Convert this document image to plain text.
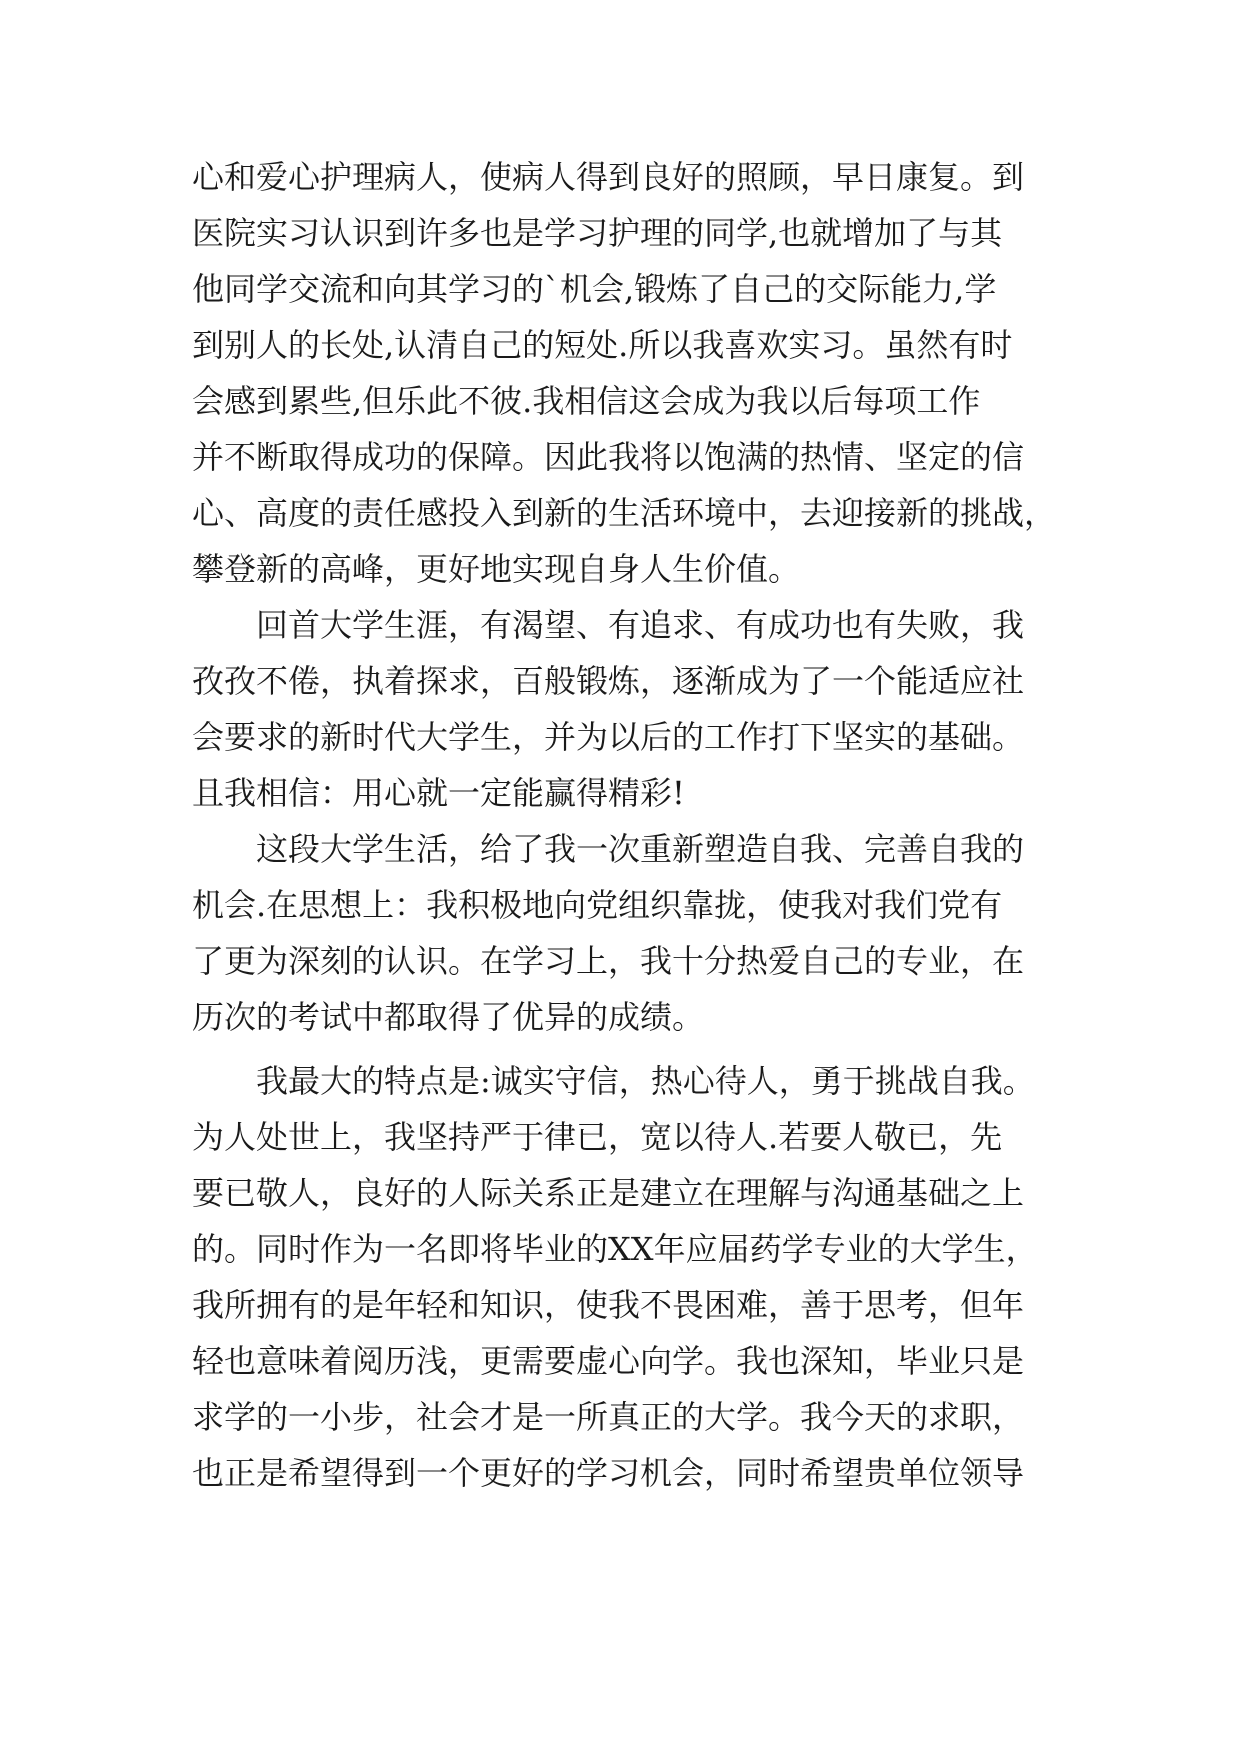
心和爱心护理病人，使病人得到良好的照顾，早日康复。到
医院实习认识到许多也是学习护理的同学,也就增加了与其
他同学交流和向其学习的`机会,锻炼了自己的交际能力,学
到别人的长处,认清自己的短处.所以我喜欢实习。虽然有时
会感到累些,但乐此不彼.我相信这会成为我以后每项工作
并不断取得成功的保障。因此我将以饱满的热情、坚定的信
心、高度的责任感投入到新的生活环境中，去迎接新的挑战，
攀登新的高峰，更好地实现自身人生价值。
回首大学生涯，有渴望、有追求、有成功也有失败，我
孜孜不倦，执着探求，百般锻炼，逐渐成为了一个能适应社
会要求的新时代大学生，并为以后的工作打下坚实的基础。
且我相信：用心就一定能赢得精彩!
这段大学生活，给了我一次重新塑造自我、完善自我的
机会.在思想上：我积极地向党组织靠拢，使我对我们党有
了更为深刻的认识。在学习上，我十分热爱自己的专业，在
历次的考试中都取得了优异的成绩。
我最大的特点是:诚实守信，热心待人，勇于挑战自我。
为人处世上，我坚持严于律已，宽以待人.若要人敬已，先
要已敬人，良好的人际关系正是建立在理解与沟通基础之上
的。同时作为一名即将毕业的XX年应届药学专业的大学生，
我所拥有的是年轻和知识，使我不畏困难，善于思考，但年
轻也意味着阅历浅，更需要虚心向学。我也深知，毕业只是
求学的一小步，社会才是一所真正的大学。我今天的求职，
也正是希望得到一个更好的学习机会，同时希望贵单位领导
